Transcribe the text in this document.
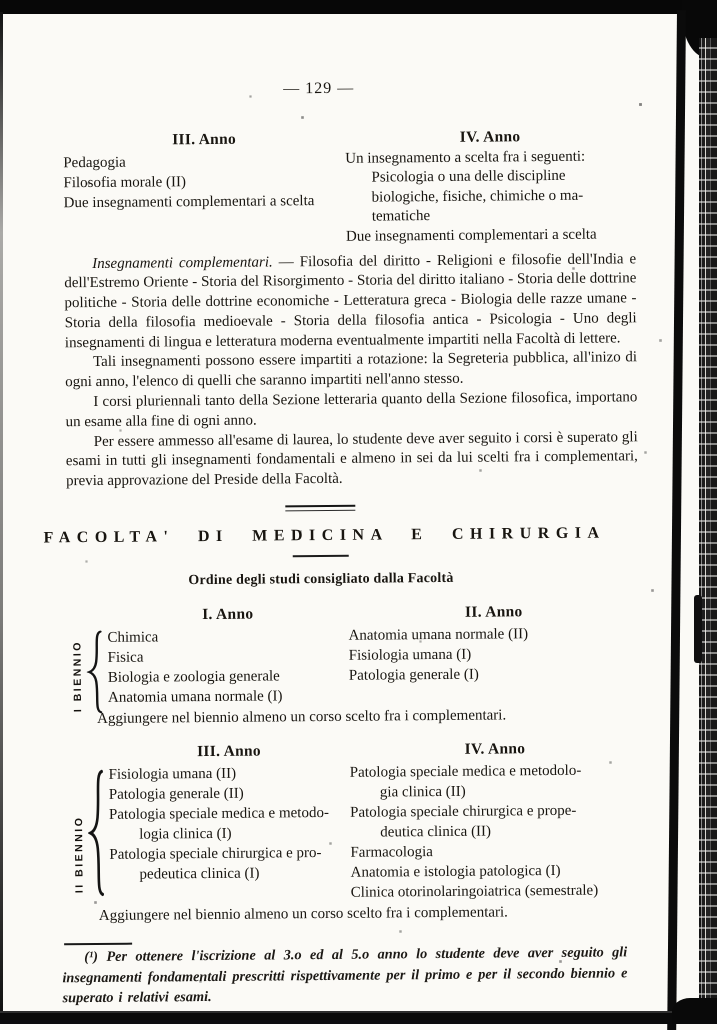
— 129 —
III. Anno
Pedagogia
Filosofia morale (II)
Due insegnamenti complementari a scelta
IV. Anno
Un insegnamento a scelta fra i seguenti:
Psicologia o una delle discipline
biologiche, fisiche, chimiche o ma-
tematiche
Due insegnamenti complementari a scelta

Insegnamenti complementari. — Filosofia del diritto - Religioni e filosofie dell'India e dell'Estremo Oriente - Storia del Risorgimento - Storia del diritto italiano - Storia delle dottrine politiche - Storia delle dottrine economiche - Letteratura greca - Biologia delle razze umane - Storia della filosofia medioevale - Storia della filosofia antica - Psicologia - Uno degli insegnamenti di lingua e letteratura moderna eventualmente impartiti nella Facoltà di lettere.

Tali insegnamenti possono essere impartiti a rotazione: la Segreteria pubblica, all'inizo di ogni anno, l'elenco di quelli che saranno impartiti nell'anno stesso.

I corsi pluriennali tanto della Sezione letteraria quanto della Sezione filosofica, importano un esame alla fine di ogni anno.

Per essere ammesso all'esame di laurea, lo studente deve aver seguito i corsi è superato gli esami in tutti gli insegnamenti fondamentali e almeno in sei da lui scelti fra i complementari, previa approvazione del Preside della Facoltà.

FACOLTA' DI MEDICINA E CHIRURGIA
Ordine degli studi consigliato dalla Facoltà
I BIENNIO
I. Anno
Chimica
Fisica
Biologia e zoologia generale
Anatomia umana normale (I)
II. Anno
Anatomia umana normale (II)
Fisiologia umana (I)
Patologia generale (I)
Aggiungere nel biennio almeno un corso scelto fra i complementari.
II BIENNIO
III. Anno
Fisiologia umana (II)
Patologia generale (II)
Patologia speciale medica e metodo-
logia clinica (I)
Patologia speciale chirurgica e pro-
pedeutica clinica (I)
IV. Anno
Patologia speciale medica e metodolo-
gia clinica (II)
Patologia speciale chirurgica e prope-
deutica clinica (II)
Farmacologia
Anatomia e istologia patologica (I)
Clinica otorinolaringoiatrica (semestrale)
Aggiungere nel biennio almeno un corso scelto fra i complementari.

(¹) Per ottenere l'iscrizione al 3.o ed al 5.o anno lo studente deve aver seguito gli insegnamenti fondamentali prescritti rispettivamente per il primo e per il secondo biennio e superato i relativi esami.
